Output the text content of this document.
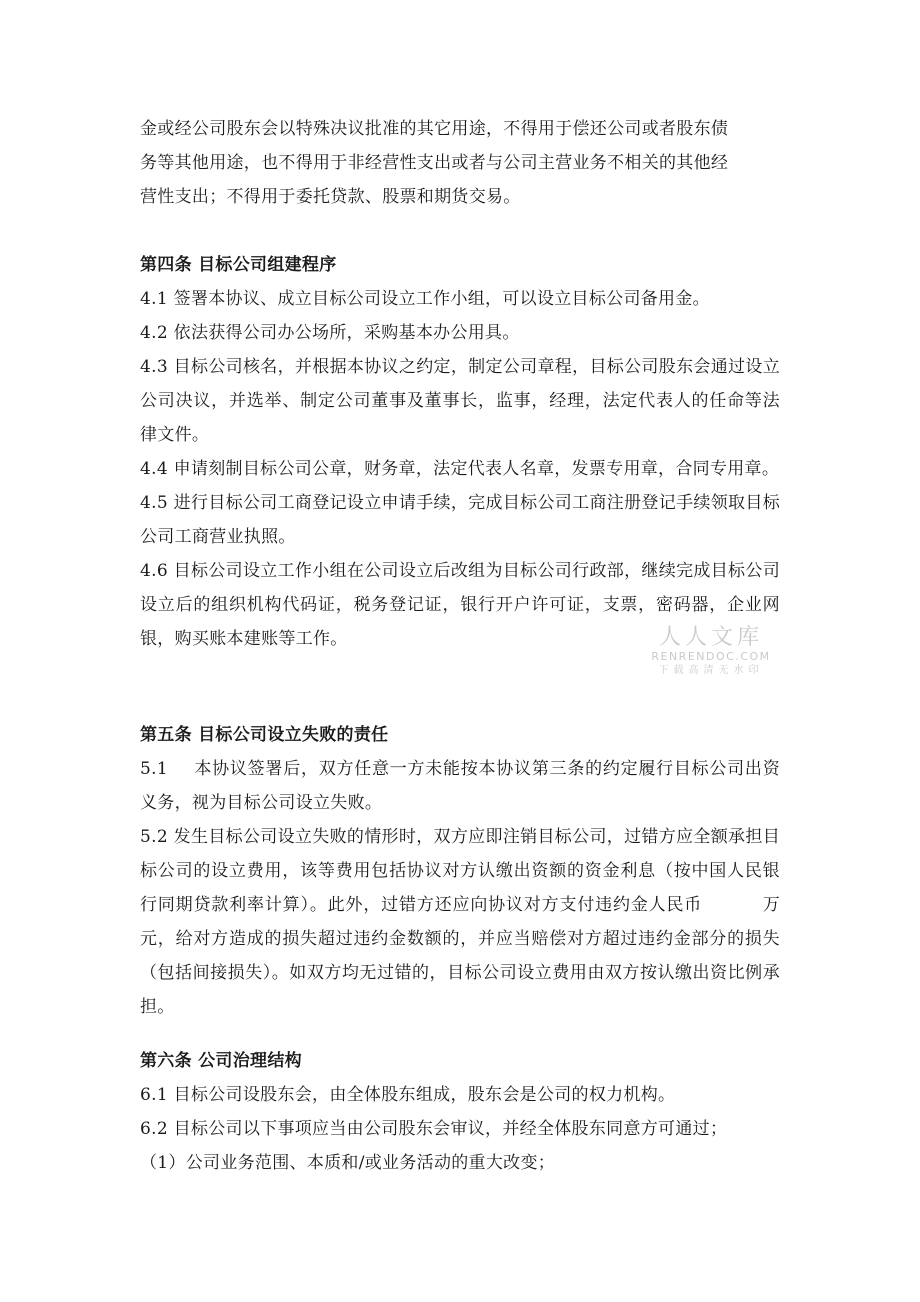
金或经公司股东会以特殊决议批准的其它用途，不得用于偿还公司或者股东债
务等其他用途，也不得用于非经营性支出或者与公司主营业务不相关的其他经
营性支出；不得用于委托贷款、股票和期货交易。
第四条 目标公司组建程序
4.1 签署本协议、成立目标公司设立工作小组，可以设立目标公司备用金。
4.2 依法获得公司办公场所，采购基本办公用具。
4.3 目标公司核名，并根据本协议之约定，制定公司章程，目标公司股东会通过设立公司决议，并选举、制定公司董事及董事长，监事，经理，法定代表人的任命等法律文件。
4.4 申请刻制目标公司公章，财务章，法定代表人名章，发票专用章，合同专用章。
4.5 进行目标公司工商登记设立申请手续，完成目标公司工商注册登记手续领取目标公司工商营业执照。
4.6 目标公司设立工作小组在公司设立后改组为目标公司行政部，继续完成目标公司设立后的组织机构代码证，税务登记证，银行开户许可证，支票，密码器，企业网银，购买账本建账等工作。	人人文库
RENRENDOC.COM
下载高清无水印
第五条 目标公司设立失败的责任
5.1 本协议签署后，双方任意一方未能按本协议第三条的约定履行目标公司出资义务，视为目标公司设立失败。
5.2 发生目标公司设立失败的情形时，双方应即注销目标公司，过错方应全额承担目标公司的设立费用，该等费用包括协议对方认缴出资额的资金利息（按中国人民银行同期贷款利率计算）。此外，过错方还应向协议对方支付违约金人民币	万元，给对方造成的损失超过违约金数额的，并应当赔偿对方超过违约金部分的损失（包括间接损失）。如双方均无过错的，目标公司设立费用由双方按认缴出资比例承担。
第六条 公司治理结构
6.1 目标公司设股东会，由全体股东组成，股东会是公司的权力机构。
6.2 目标公司以下事项应当由公司股东会审议，并经全体股东同意方可通过；
（1）公司业务范围、本质和/或业务活动的重大改变；
